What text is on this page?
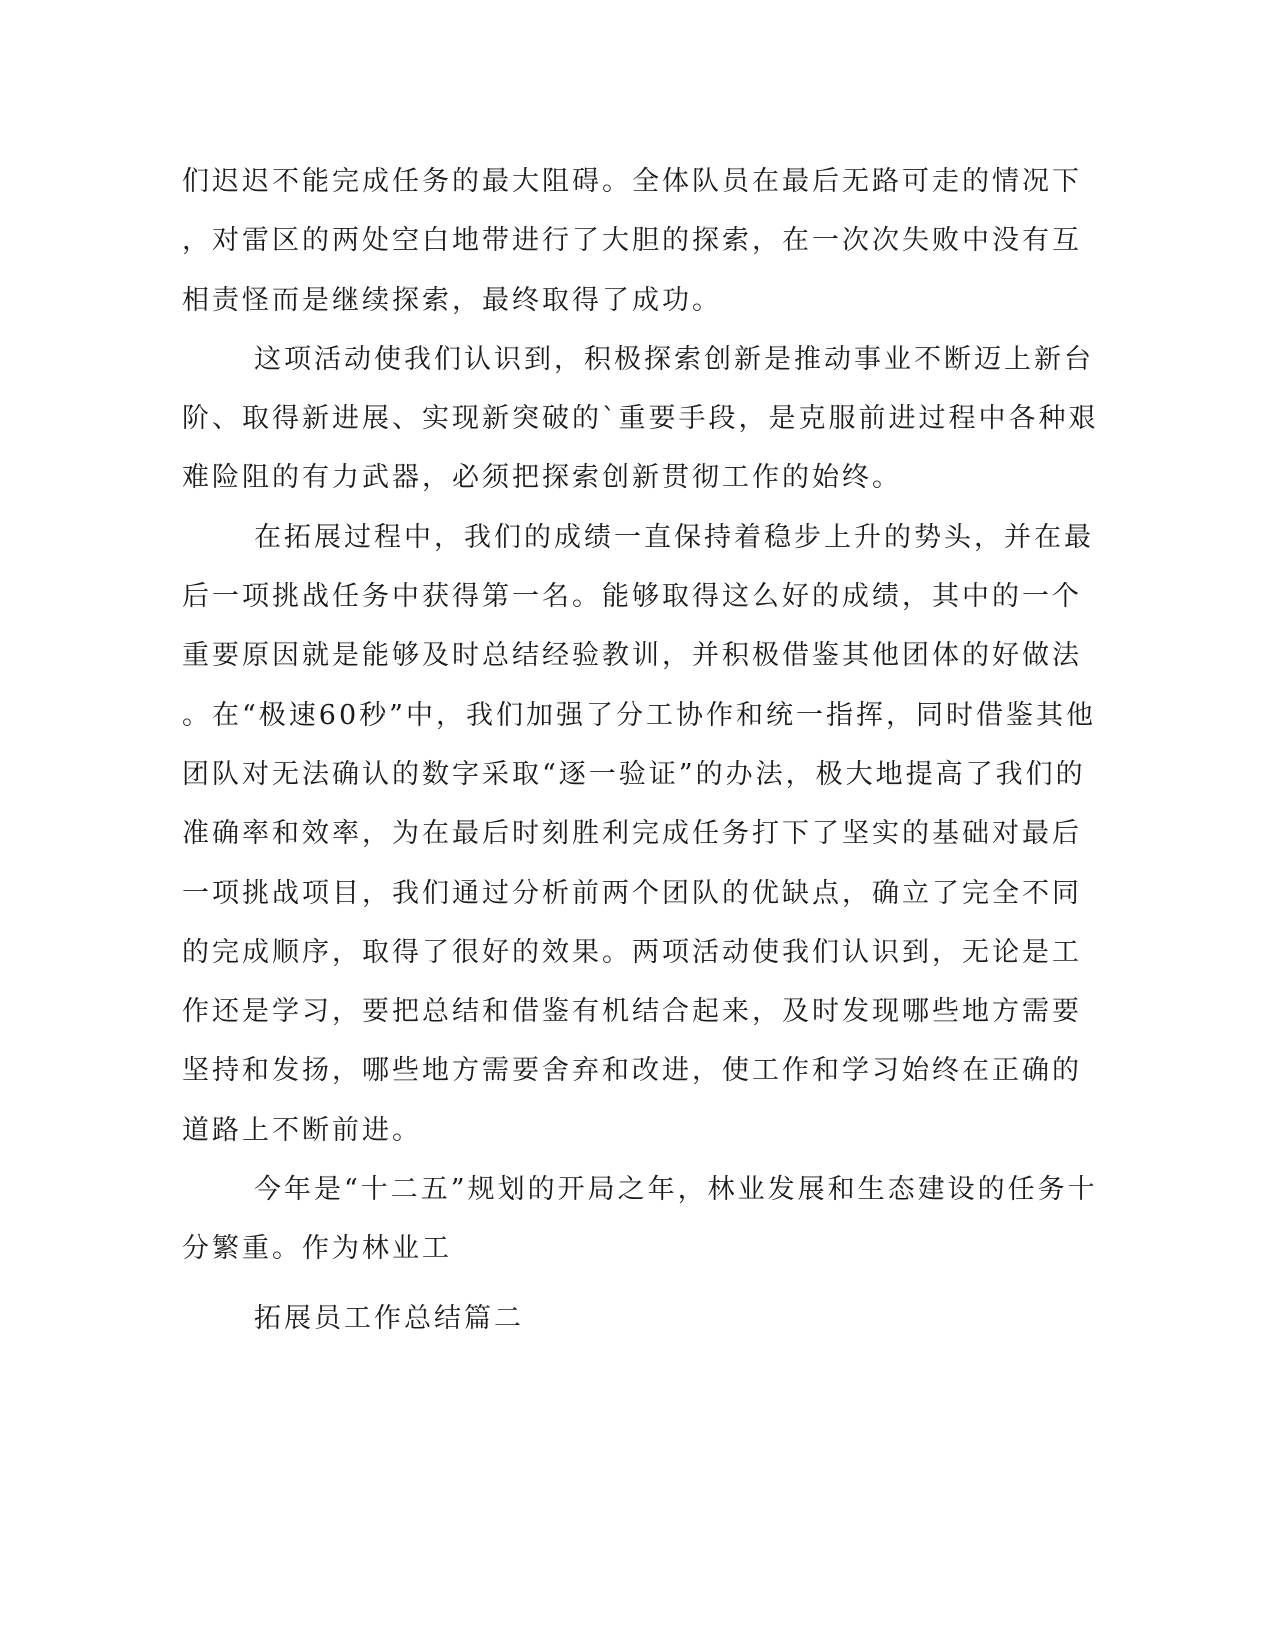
们迟迟不能完成任务的最大阻碍。全体队员在最后无路可走的情况下
，对雷区的两处空白地带进行了大胆的探索，在一次次失败中没有互
相责怪而是继续探索，最终取得了成功。
这项活动使我们认识到，积极探索创新是推动事业不断迈上新台
阶、取得新进展、实现新突破的`重要手段，是克服前进过程中各种艰
难险阻的有力武器，必须把探索创新贯彻工作的始终。
在拓展过程中，我们的成绩一直保持着稳步上升的势头，并在最
后一项挑战任务中获得第一名。能够取得这么好的成绩，其中的一个
重要原因就是能够及时总结经验教训，并积极借鉴其他团体的好做法
。在“极速60秒”中，我们加强了分工协作和统一指挥，同时借鉴其他
团队对无法确认的数字采取“逐一验证”的办法，极大地提高了我们的
准确率和效率，为在最后时刻胜利完成任务打下了坚实的基础对最后
一项挑战项目，我们通过分析前两个团队的优缺点，确立了完全不同
的完成顺序，取得了很好的效果。两项活动使我们认识到，无论是工
作还是学习，要把总结和借鉴有机结合起来，及时发现哪些地方需要
坚持和发扬，哪些地方需要舍弃和改进，使工作和学习始终在正确的
道路上不断前进。
今年是“十二五”规划的开局之年，林业发展和生态建设的任务十
分繁重。作为林业工
拓展员工作总结篇二
